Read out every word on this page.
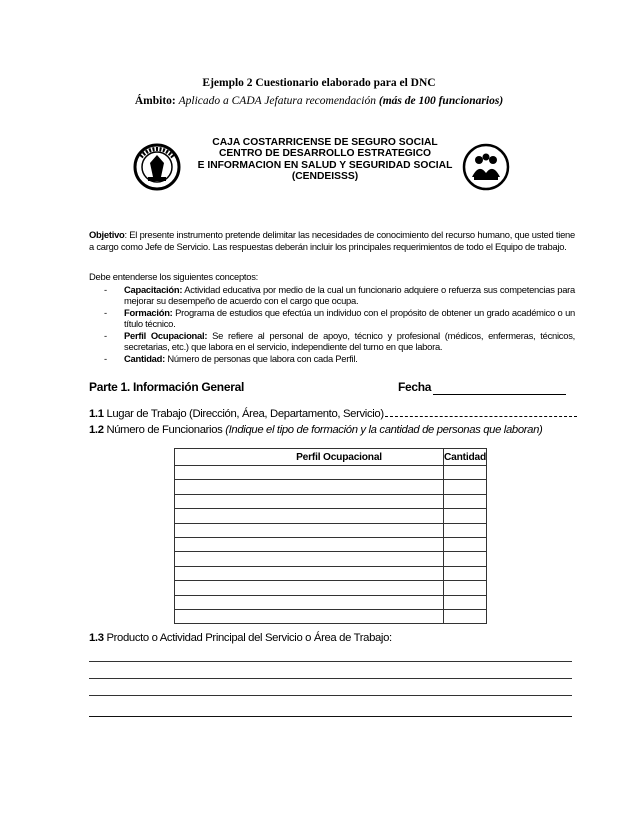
Ejemplo 2 Cuestionario elaborado para el DNC
Ámbito: Aplicado a CADA Jefatura recomendación (más de 100 funcionarios)
CAJA COSTARRICENSE DE SEGURO SOCIAL
CENTRO DE DESARROLLO ESTRATEGICO
E INFORMACION EN SALUD Y SEGURIDAD SOCIAL
(CENDEISSS)
Objetivo: El presente instrumento pretende delimitar las necesidades de conocimiento del recurso humano, que usted tiene a cargo como Jefe de Servicio. Las respuestas deberán incluir los principales requerimientos de todo el Equipo de trabajo.
Debe entenderse los siguientes conceptos:
- Capacitación: Actividad educativa por medio de la cual un funcionario adquiere o refuerza sus competencias para mejorar su desempeño de acuerdo con el cargo que ocupa.
- Formación: Programa de estudios que efectúa un individuo con el propósito de obtener un grado académico o un título técnico.
- Perfil Ocupacional: Se refiere al personal de apoyo, técnico y profesional (médicos, enfermeras, técnicos, secretarias, etc.) que labora en el servicio, independiente del turno en que labora.
- Cantidad: Número de personas que labora con cada Perfil.
Parte 1. Información General	Fecha
1.1 Lugar de Trabajo (Dirección, Área, Departamento, Servicio)
1.2 Número de Funcionarios (Indique el tipo de formación y la cantidad de personas que laboran)
Perfil Ocupacional	Cantidad

1.3 Producto o Actividad Principal del Servicio o Área de Trabajo:
